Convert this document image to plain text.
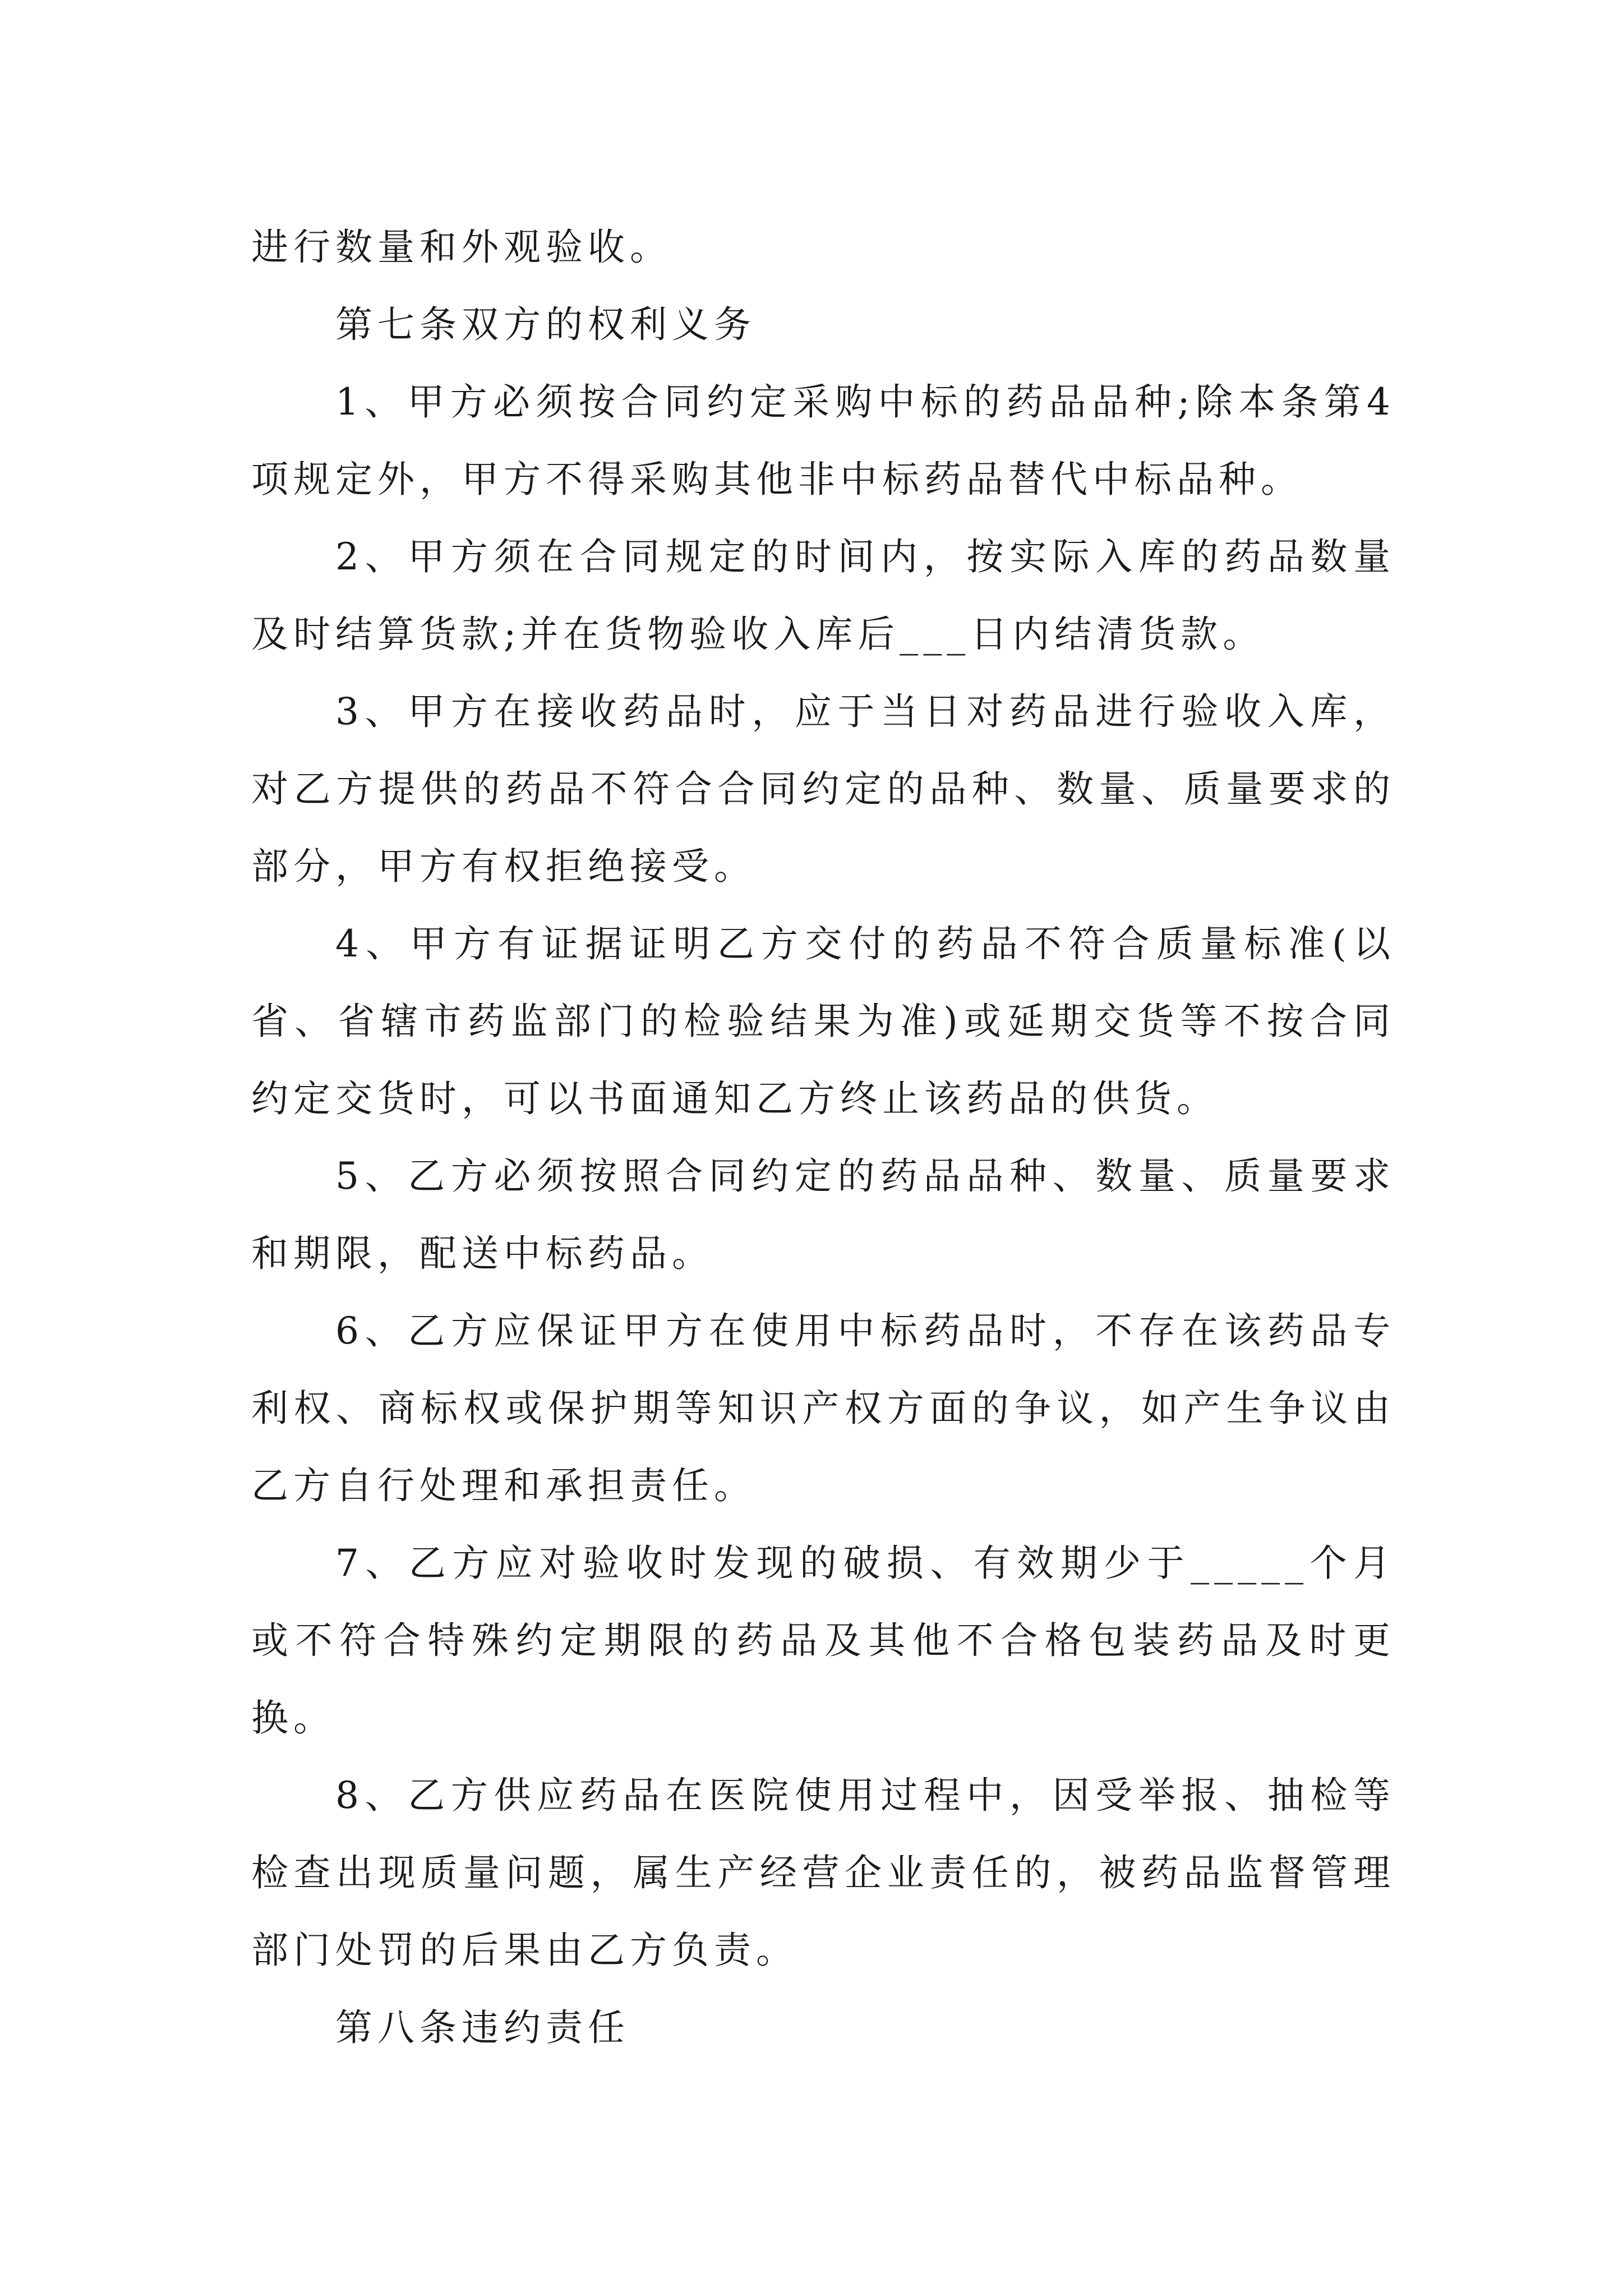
进行数量和外观验收。

第七条双方的权利义务

1、甲方必须按合同约定采购中标的药品品种;除本条第4项规定外，甲方不得采购其他非中标药品替代中标品种。

2、甲方须在合同规定的时间内，按实际入库的药品数量及时结算货款;并在货物验收入库后___日内结清货款。

3、甲方在接收药品时，应于当日对药品进行验收入库，对乙方提供的药品不符合合同约定的品种、数量、质量要求的部分，甲方有权拒绝接受。

4、甲方有证据证明乙方交付的药品不符合质量标准(以省、省辖市药监部门的检验结果为准)或延期交货等不按合同约定交货时，可以书面通知乙方终止该药品的供货。

5、乙方必须按照合同约定的药品品种、数量、质量要求和期限，配送中标药品。

6、乙方应保证甲方在使用中标药品时，不存在该药品专利权、商标权或保护期等知识产权方面的争议，如产生争议由乙方自行处理和承担责任。

7、乙方应对验收时发现的破损、有效期少于_____个月或不符合特殊约定期限的药品及其他不合格包装药品及时更换。

8、乙方供应药品在医院使用过程中，因受举报、抽检等检查出现质量问题，属生产经营企业责任的，被药品监督管理部门处罚的后果由乙方负责。

第八条违约责任
